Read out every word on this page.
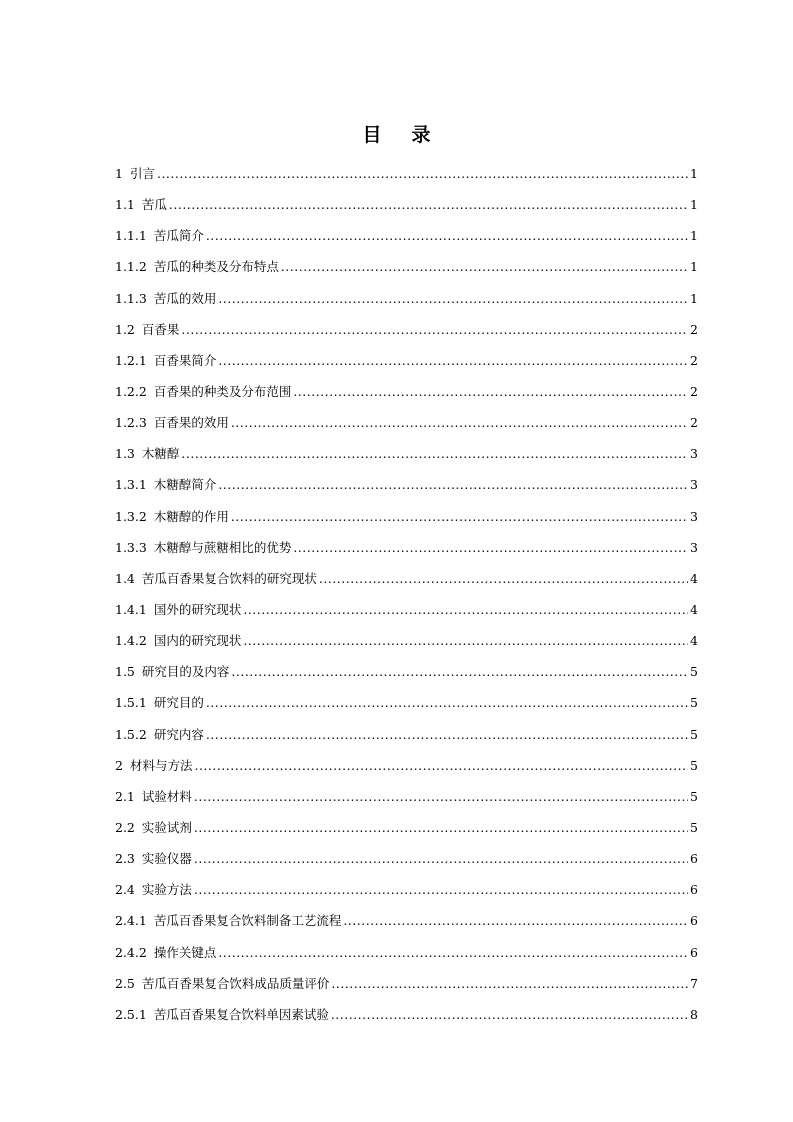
目 录
1 引言 .....	1
1.1 苦瓜 .....	1
1.1.1 苦瓜简介 .....	1
1.1.2 苦瓜的种类及分布特点 .....	1
1.1.3 苦瓜的效用 .....	1
1.2 百香果 .....	2
1.2.1 百香果简介 .....	2
1.2.2 百香果的种类及分布范围 .....	2
1.2.3 百香果的效用 .....	2
1.3 木糖醇 .....	3
1.3.1 木糖醇简介 .....	3
1.3.2 木糖醇的作用 .....	3
1.3.3 木糖醇与蔗糖相比的优势 .....	3
1.4 苦瓜百香果复合饮料的研究现状 .....	4
1.4.1 国外的研究现状 .....	4
1.4.2 国内的研究现状 .....	4
1.5 研究目的及内容 .....	5
1.5.1 研究目的 .....	5
1.5.2 研究内容 .....	5
2 材料与方法 .....	5
2.1 试验材料 .....	5
2.2 实验试剂 .....	5
2.3 实验仪器 .....	6
2.4 实验方法 .....	6
2.4.1 苦瓜百香果复合饮料制备工艺流程 .....	6
2.4.2 操作关键点 .....	6
2.5 苦瓜百香果复合饮料成品质量评价 .....	7
2.5.1 苦瓜百香果复合饮料单因素试验 .....	8
